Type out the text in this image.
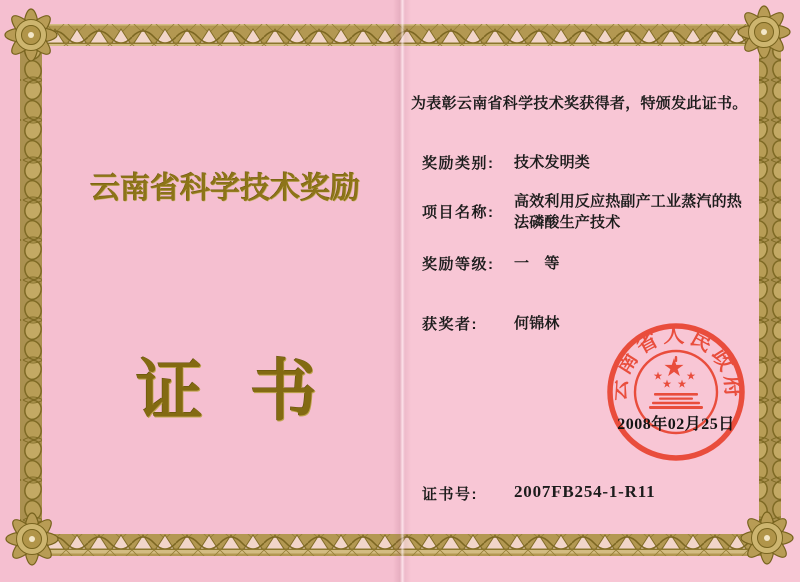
云南省科学技术奖励
证书
为表彰云南省科学技术奖获得者，特颁发此证书。
奖励类别: 技术发明类
项目名称:
高效利用反应热副产工业蒸汽的热法磷酸生产技术
奖励等级: 一　等
获奖者: 何锦林
证书号: 2007FB254-1-R11
云南省人民政府
2008年02月25日
